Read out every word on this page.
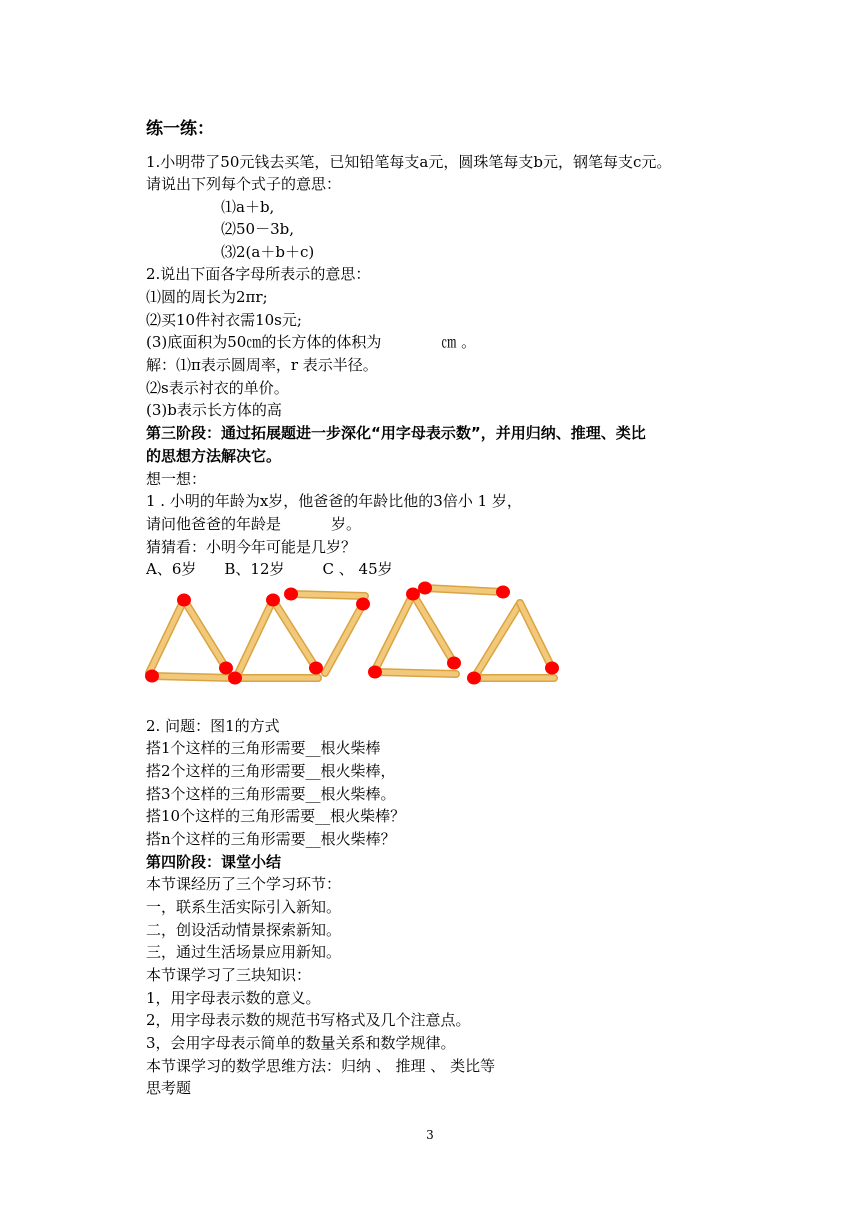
练一练：
1.小明带了50元钱去买笔，已知铅笔每支a元，圆珠笔每支b元，钢笔每支c元。
请说出下列每个式子的意思：
⑴a＋b,
⑵50－3b,
⑶2(a＋b＋c)
2.说出下面各字母所表示的意思：
⑴圆的周长为2πr;
⑵买10件衬衣需10s元;
(3)底面积为50㎝的长方体的体积为	㎝ 。
解：⑴π表示圆周率，r 表示半径。
⑵s表示衬衣的单价。
(3)b表示长方体的高
第三阶段：通过拓展题进一步深化“用字母表示数”，并用归纳、推理、类比
的思想方法解决它。
想一想：
1 . 小明的年龄为x岁，他爸爸的年龄比他的3倍小 1 岁，
请问他爸爸的年龄是	岁。
猜猜看：小明今年可能是几岁？
A、6岁 B、12岁	C 、 45岁
2. 问题：图1的方式
搭1个这样的三角形需要__根火柴棒
搭2个这样的三角形需要__根火柴棒，
搭3个这样的三角形需要__根火柴棒。
搭10个这样的三角形需要__根火柴棒？
搭n个这样的三角形需要__根火柴棒？
第四阶段：课堂小结
本节课经历了三个学习环节：
一，联系生活实际引入新知。
二，创设活动情景探索新知。
三，通过生活场景应用新知。
本节课学习了三块知识：
1，用字母表示数的意义。
2，用字母表示数的规范书写格式及几个注意点。
3，会用字母表示简单的数量关系和数学规律。
本节课学习的数学思维方法：归纳 、 推理 、 类比等
思考题
3
